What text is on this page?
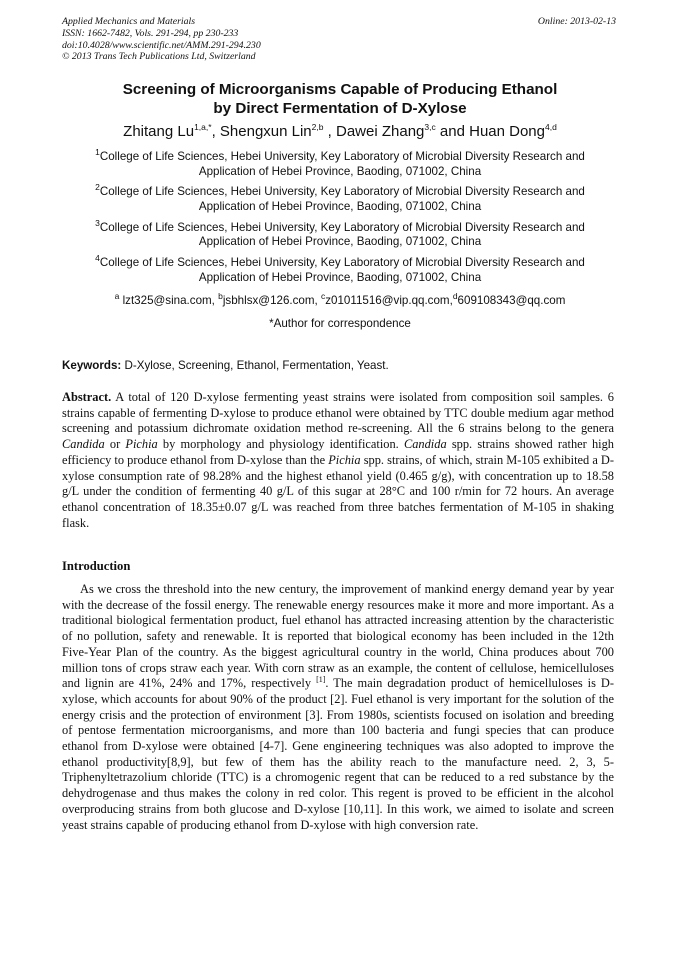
Applied Mechanics and Materials
ISSN: 1662-7482, Vols. 291-294, pp 230-233
doi:10.4028/www.scientific.net/AMM.291-294.230
© 2013 Trans Tech Publications Ltd, Switzerland
Online: 2013-02-13
Screening of Microorganisms Capable of Producing Ethanol
by Direct Fermentation of D-Xylose
Zhitang $Lu^{1,a,*}$, Shengxun Lin$^{2,b}$ , Dawei Zhang$^{3,c}$ and Huan Dong$^{4,d}$
$^1$College of Life Sciences, Hebei University, Key Laboratory of Microbial Diversity Research and
Application of Hebei Province, Baoding, 071002, China
$^2$College of Life Sciences, Hebei University, Key Laboratory of Microbial Diversity Research and
Application of Hebei Province, Baoding, 071002, China
$^3$College of Life Sciences, Hebei University, Key Laboratory of Microbial Diversity Research and
Application of Hebei Province, Baoding, 071002, China
$^4$College of Life Sciences, Hebei University, Key Laboratory of Microbial Diversity Research and
Application of Hebei Province, Baoding, 071002, China
$^a$ lzt325@sina.com, $^b$jsbhlsx@126.com, $^c$z01011516@vip.qq.com,$^d$609108343@qq.com
*Author for correspondence
Keywords: D-Xylose, Screening, Ethanol, Fermentation, Yeast.
Abstract. A total of 120 D-xylose fermenting yeast strains were isolated from composition soil samples. 6 strains capable of fermenting D-xylose to produce ethanol were obtained by TTC double medium agar method screening and potassium dichromate oxidation method re-screening. All the 6 strains belong to the genera Candida or Pichia by morphology and physiology identification. Candida spp. strains showed rather high efficiency to produce ethanol from D-xylose than the Pichia spp. strains, of which, strain M-105 exhibited a D-xylose consumption rate of 98.28% and the highest ethanol yield (0.465 g/g), with concentration up to 18.58 g/L under the condition of fermenting 40 g/L of this sugar at 28°C and 100 r/min for 72 hours. An average ethanol concentration of 18.35±0.07 g/L was reached from three batches fermentation of M-105 in shaking flask.
Introduction
As we cross the threshold into the new century, the improvement of mankind energy demand year by year with the decrease of the fossil energy. The renewable energy resources make it more and more important. As a traditional biological fermentation product, fuel ethanol has attracted increasing attention by the characteristic of no pollution, safety and renewable. It is reported that biological economy has been included in the 12th Five-Year Plan of the country. As the biggest agricultural country in the world, China produces about 700 million tons of crops straw each year. With corn straw as an example, the content of cellulose, hemicelluloses and lignin are 41%, 24% and 17%, respectively [1]. The main degradation product of hemicelluloses is D-xylose, which accounts for about 90% of the product [2]. Fuel ethanol is very important for the solution of the energy crisis and the protection of environment [3]. From 1980s, scientists focused on isolation and breeding of pentose fermentation microorganisms, and more than 100 bacteria and fungi species that can produce ethanol from D-xylose were obtained [4-7]. Gene engineering techniques was also adopted to improve the ethanol productivity[8,9], but few of them has the ability reach to the manufacture need. 2, 3, 5-Triphenyltetrazolium chloride (TTC) is a chromogenic regent that can be reduced to a red substance by the dehydrogenase and thus makes the colony in red color. This regent is proved to be efficient in the alcohol overproducing strains from both glucose and D-xylose [10,11]. In this work, we aimed to isolate and screen yeast strains capable of producing ethanol from D-xylose with high conversion rate.
